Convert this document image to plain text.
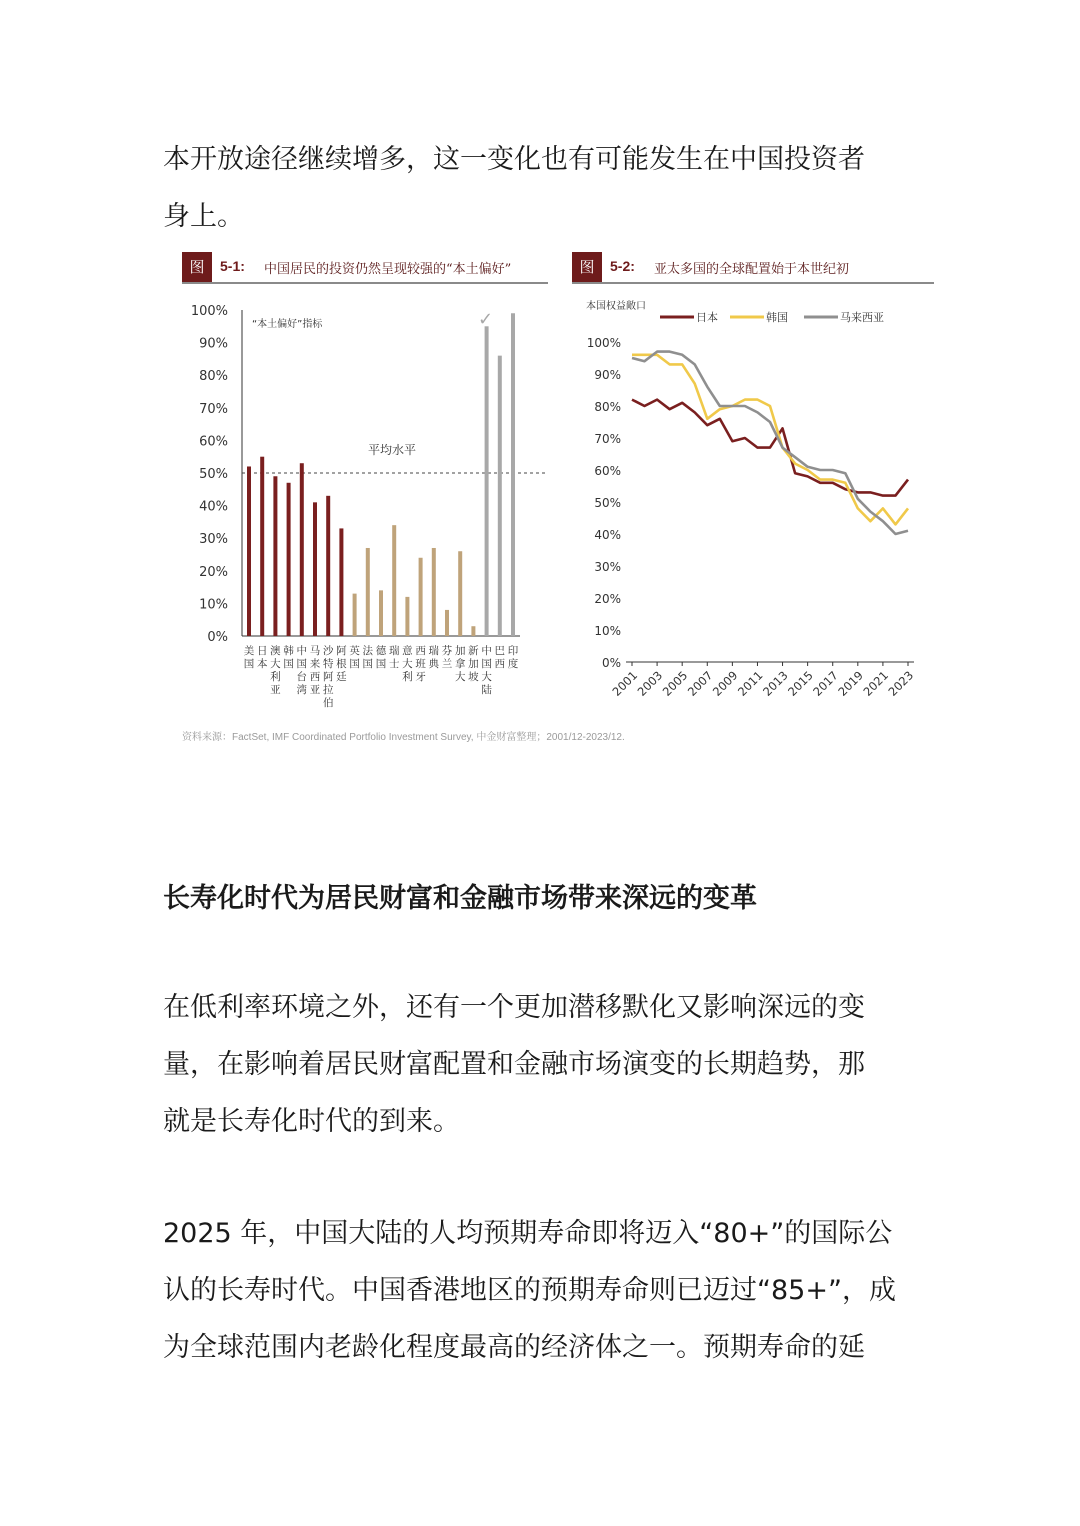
本开放途径继续增多，这一变化也有可能发生在中国投资者

身上。

图	5-1: 中国居民的投资仍然呈现较强的“本土偏好”	图	5-2: 亚太多国的全球配置始于本世纪初
0%
10%
20%
30%
40%
50%
60%
70%
80%
90%
100%
美
国
日
本
澳
大
利
亚
韩
国
中
国
台
湾
马
来
西
亚
沙
特
阿
拉
伯
阿
根
廷
英
国
法
国
德
国
瑞
士
意
大
利
西
班
牙
瑞
典
芬
兰
加
拿
大
新
加
坡
中
国
大
陆
巴
西
印
度
“本土偏好”指标
平均水平
✓
本国权益敞口
日本	韩国	马来西亚
0%
10%
20%
30%
40%
50%
60%
70%
80%
90%
100%
2001
2003
2005
2007
2009
2011
2013
2015
2017
2019
2021
2023
资料来源：FactSet, IMF Coordinated Portfolio Investment Survey, 中金财富整理；2001/12-2023/12.
长寿化时代为居民财富和金融市场带来深远的变革

在低利率环境之外，还有一个更加潜移默化又影响深远的变

量，在影响着居民财富配置和金融市场演变的长期趋势，那

就是长寿化时代的到来。

2025 年，中国大陆的人均预期寿命即将迈入“80+”的国际公

认的长寿时代。中国香港地区的预期寿命则已迈过“85+”，成

为全球范围内老龄化程度最高的经济体之一。预期寿命的延
